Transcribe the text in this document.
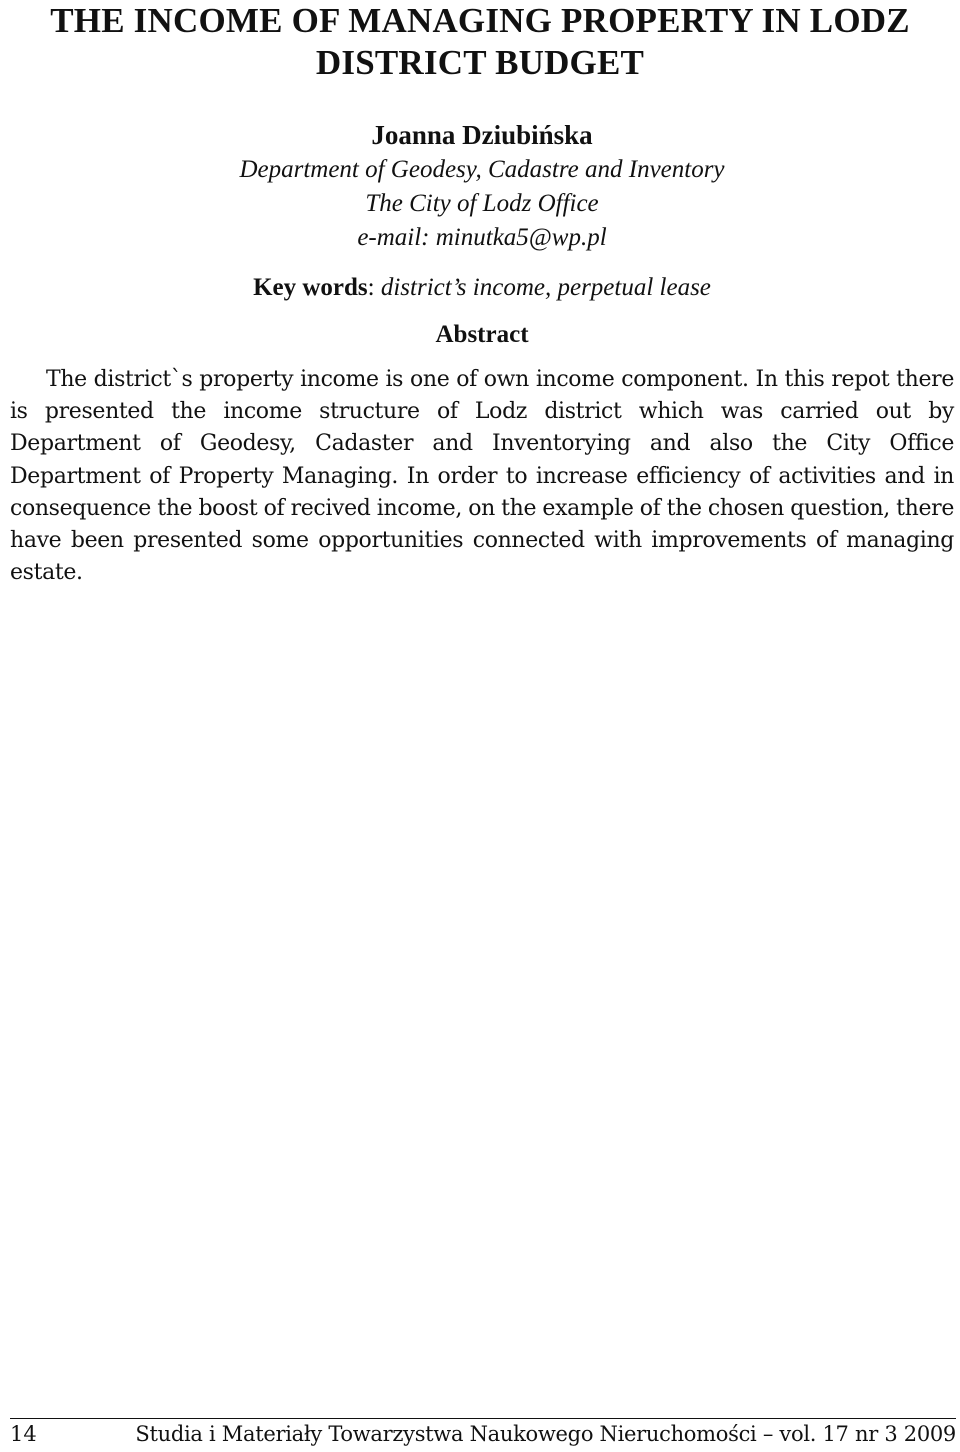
THE INCOME OF MANAGING PROPERTY IN LODZ DISTRICT BUDGET
Joanna Dziubińska
Department of Geodesy, Cadastre and Inventory
The City of Lodz Office
e-mail: minutka5@wp.pl
Key words: district’s income, perpetual lease
Abstract

The district`s property income is one of own income component. In this repot there is presented the income structure of Lodz district which was carried out by Department of Geodesy, Cadaster and Inventorying and also the City Office Department of Property Managing. In order to increase efficiency of activities and in consequence the boost of recived income, on the example of the chosen question, there have been presented some opportunities connected with improvements of managing estate.

14	Studia i Materiały Towarzystwa Naukowego Nieruchomości – vol. 17 nr 3 2009
